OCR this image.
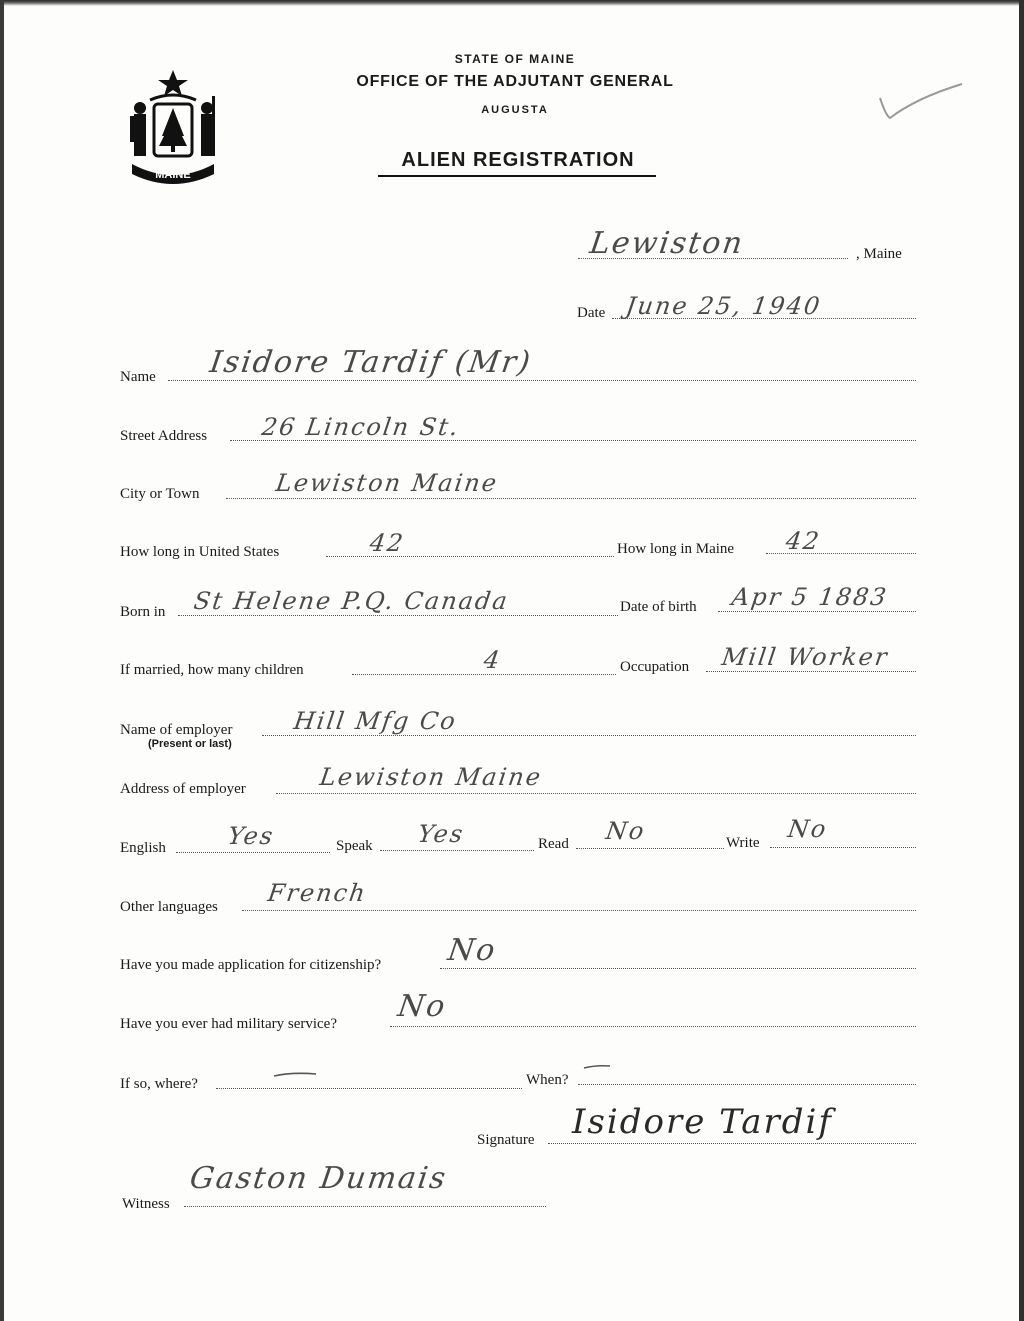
MAINE
STATE OF MAINE
OFFICE OF THE ADJUTANT GENERAL
AUGUSTA
ALIEN REGISTRATION
Lewiston	, Maine
Date June 25, 1940
Name Isidore Tardif (Mr)
Street Address 26 Lincoln St.
City or Town	Lewiston Maine
How long in United States	42	How long in Maine 42
Born in St Helene P.Q. Canada	Date of birth Apr 5 1883
If married, how many children	4	Occupation Mill Worker
Name of employer
(Present or last)
Hill Mfg Co
Address of employer	Lewiston Maine
English	Yes	Speak Yes	Read No	Write No
Other languages French
Have you made application for citizenship? No
Have you ever had military service? No
If so, where?	When?
Signature Isidore Tardif
Witness
Gaston Dumais
